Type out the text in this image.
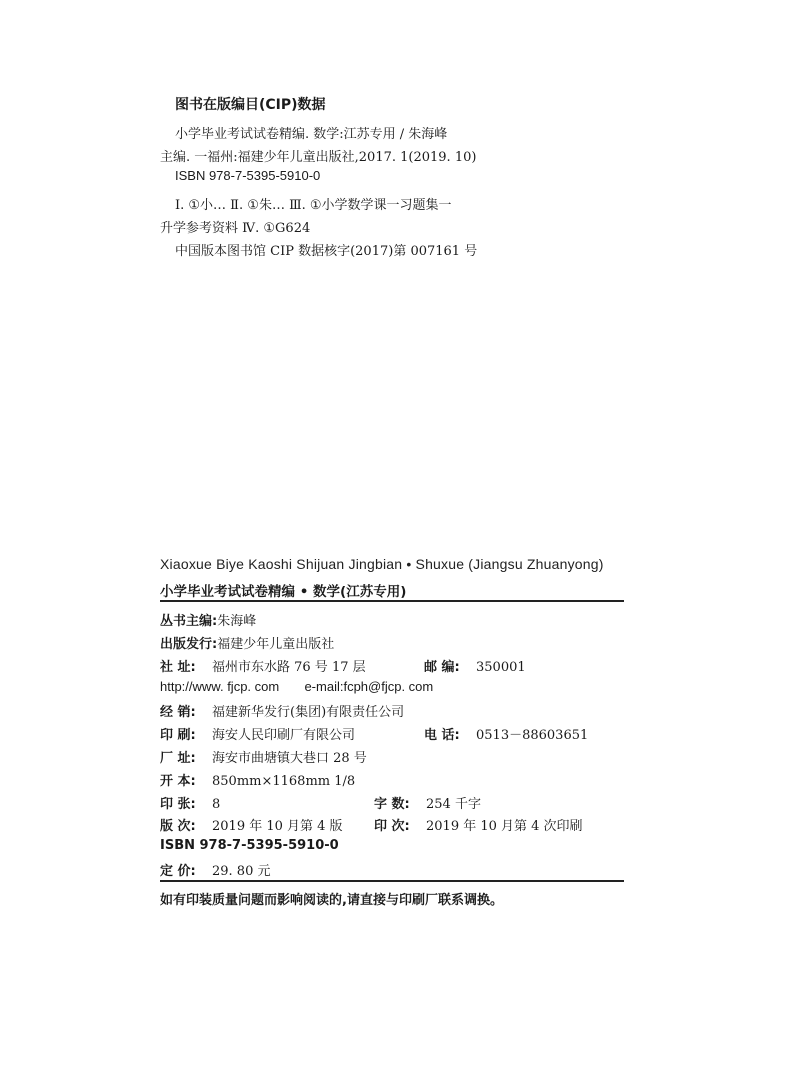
图书在版编目(CIP)数据
小学毕业考试试卷精编. 数学:江苏专用 / 朱海峰
主编. 一福州:福建少年儿童出版社,2017. 1(2019. 10)
ISBN 978-7-5395-5910-0
Ⅰ. ①小… Ⅱ. ①朱… Ⅲ. ①小学数学课一习题集一
升学参考资料 Ⅳ. ①G624
中国版本图书馆 CIP 数据核字(2017)第 007161 号
Xiaoxue Biye Kaoshi Shijuan Jingbian • Shuxue (Jiangsu Zhuanyong)
小学毕业考试试卷精编 • 数学(江苏专用)
丛书主编:朱海峰
出版发行:福建少年儿童出版社
社 址: 福州市东水路 76 号 17 层	邮 编: 350001
http://www. fjcp. com e-mail:fcph@fjcp. com
经 销: 福建新华发行(集团)有限责任公司
印 刷: 海安人民印刷厂有限公司	电 话: 0513－88603651
厂 址: 海安市曲塘镇大巷口 28 号
开 本: 850mm×1168mm 1/8
印 张: 8	字 数: 254 千字
版 次: 2019 年 10 月第 4 版 印 次: 2019 年 10 月第 4 次印刷
ISBN 978-7-5395-5910-0
定 价: 29. 80 元
如有印装质量问题而影响阅读的,请直接与印刷厂联系调换。
